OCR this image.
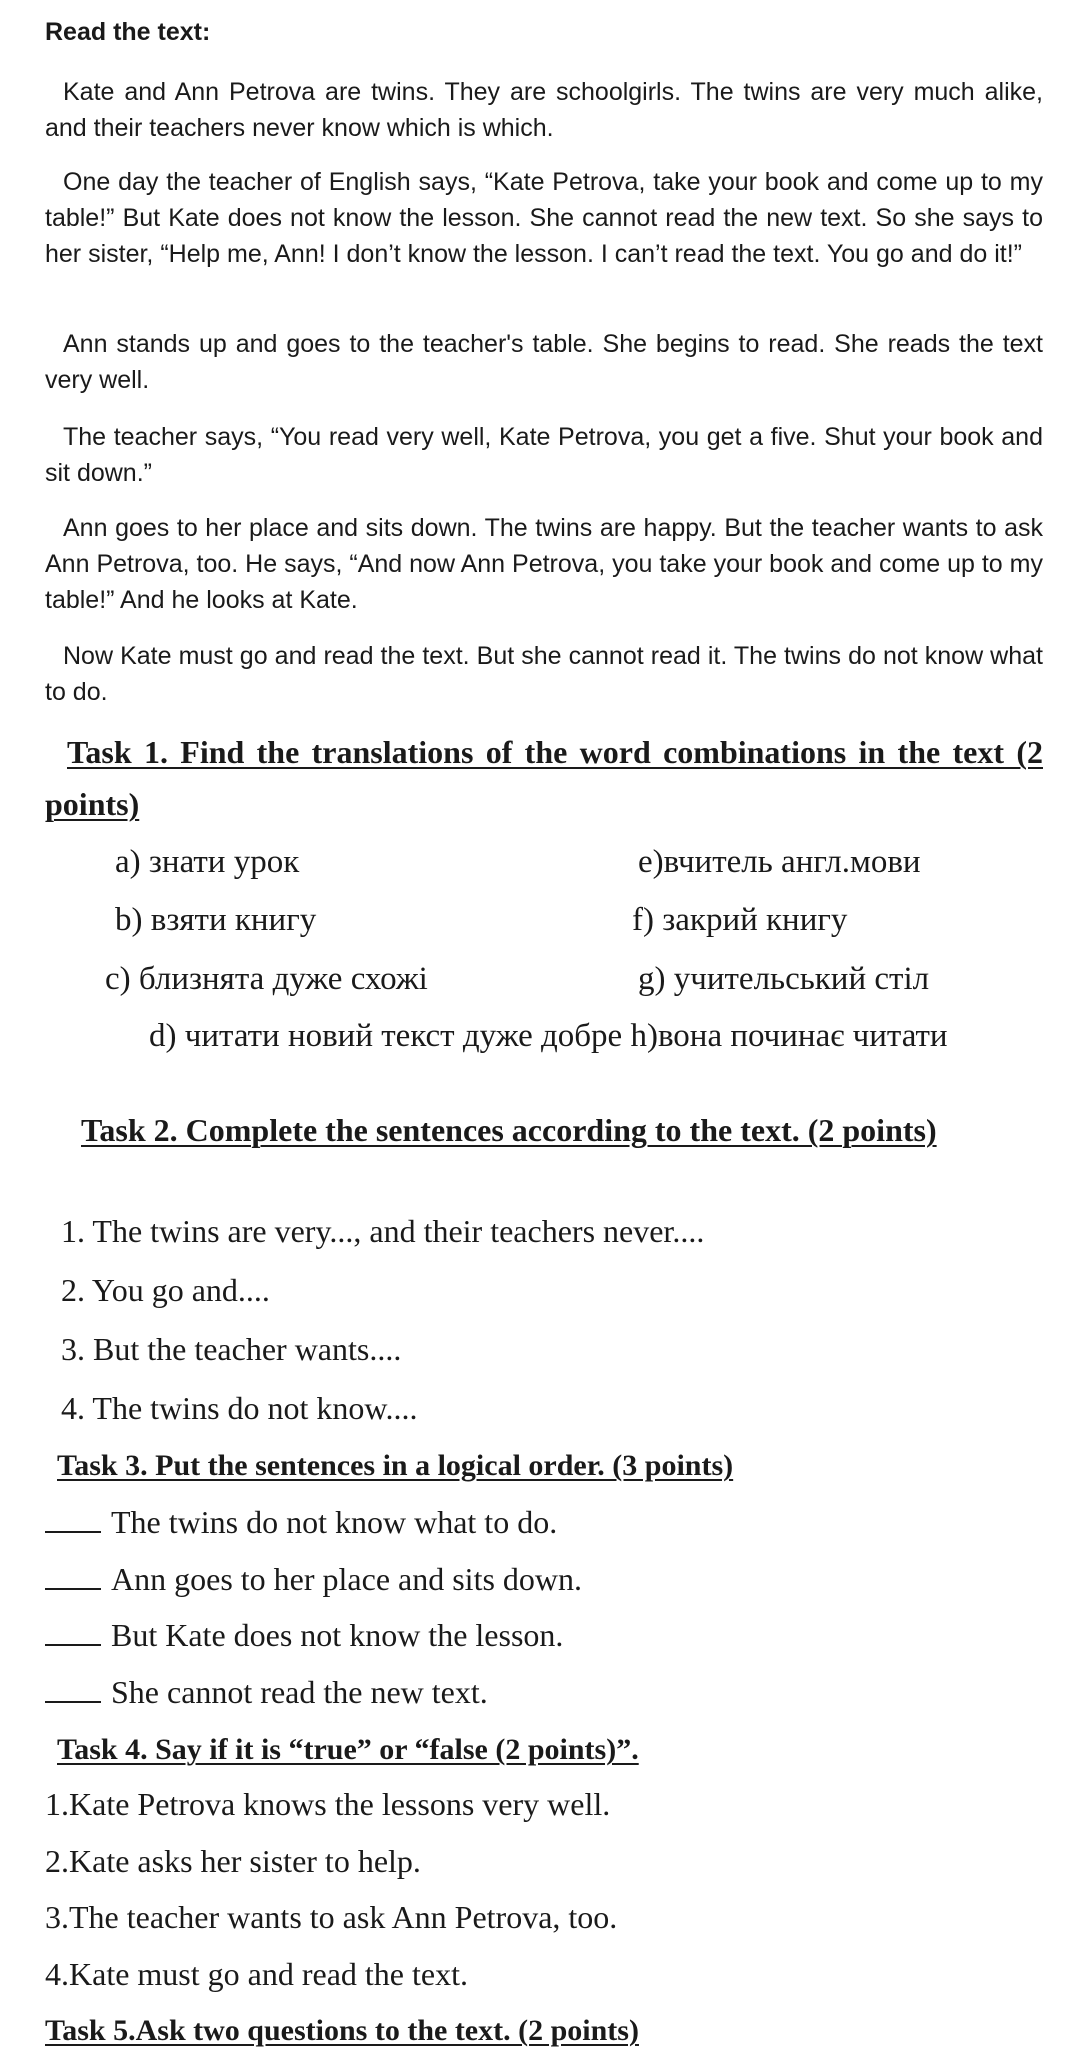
Read the text:

Kate and Ann Petrova are twins. They are schoolgirls. The twins are very much alike, and their teachers never know which is which.

One day the teacher of English says, “Kate Petrova, take your book and come up to my table!” But Kate does not know the lesson. She cannot read the new text. So she says to her sister, “Help me, Ann! I don’t know the lesson. I can’t read the text. You go and do it!”

Ann stands up and goes to the teacher's table. She begins to read. She reads the text very well.

The teacher says, “You read very well, Kate Petrova, you get a five. Shut your book and sit down.”

Ann goes to her place and sits down. The twins are happy. But the teacher wants to ask Ann Petrova, too. He says, “And now Ann Petrova, you take your book and come up to my table!” And he looks at Kate.

Now Kate must go and read the text. But she cannot read it. The twins do not know what to do.

Task 1. Find the translations of the word combinations in the text (2 points)

a) знати урок	e)вчитель англ.мови
b) взяти книгу	f) закрий книгу
c) близнята дуже схожі	g) учительський стіл

d) читати новий текст дуже добре h)вона починає читати

Task 2. Complete the sentences according to the text. (2 points)

1. The twins are very..., and their teachers never....

2. You go and....

3. But the teacher wants....

4. The twins do not know....

Task 3. Put the sentences in a logical order. (3 points)

The twins do not know what to do.

Ann goes to her place and sits down.

But Kate does not know the lesson.

She cannot read the new text.

Task 4. Say if it is “true” or “false (2 points)”.

1.Kate Petrova knows the lessons very well.

2.Kate asks her sister to help.

3.The teacher wants to ask Ann Petrova, too.

4.Kate must go and read the text.

Task 5.Ask two questions to the text. (2 points)
